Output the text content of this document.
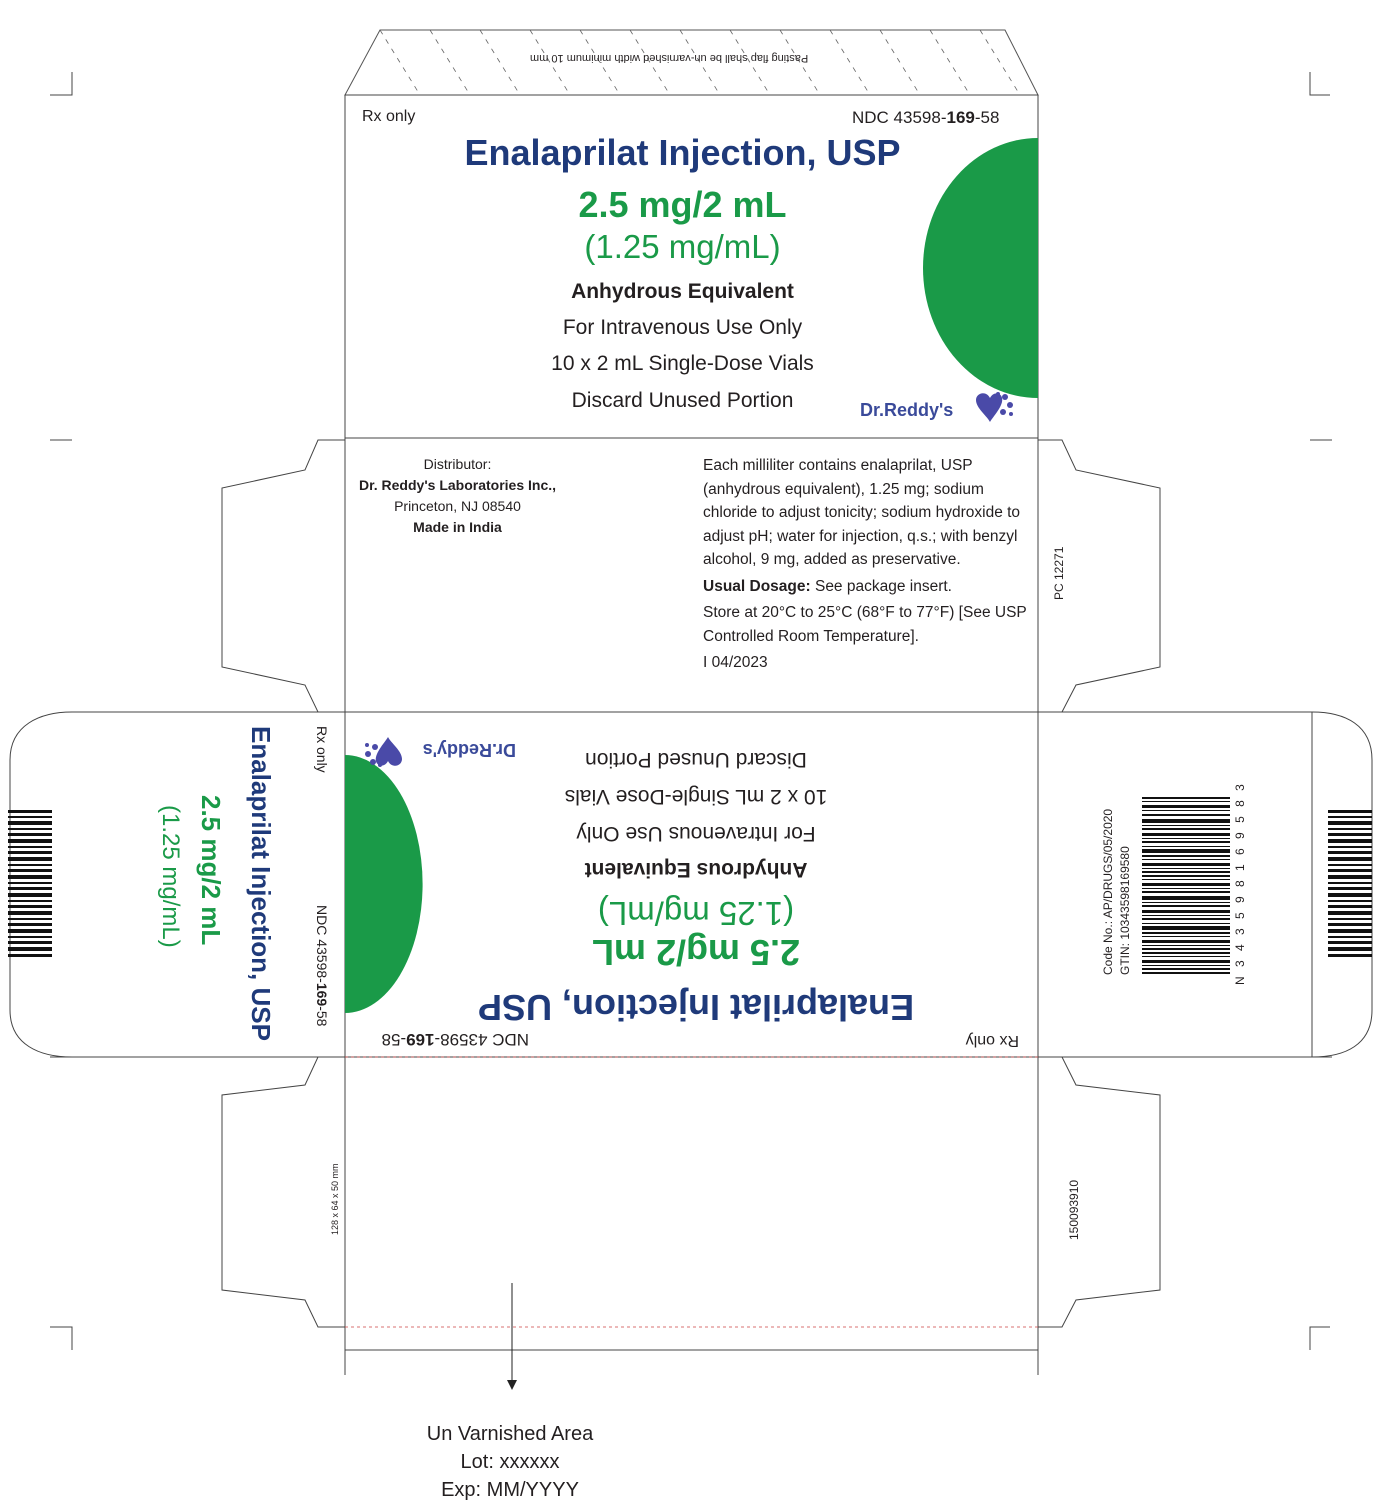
Pasting flap shall be un-varnished width minimum 10 mm
Rx only	NDC 43598-169-58
Enalaprilat Injection, USP
2.5 mg/2 mL
(1.25 mg/mL)
Anhydrous Equivalent
For Intravenous Use Only
10 x 2 mL Single-Dose Vials
Discard Unused Portion	Dr.Reddy's
Distributor:
Dr. Reddy's Laboratories Inc.,
Princeton, NJ 08540
Made in India

Each milliliter contains enalaprilat, USP (anhydrous equivalent), 1.25 mg; sodium chloride to adjust tonicity; sodium hydroxide to adjust pH; water for injection, q.s.; with benzyl alcohol, 9 mg, added as preservative.

Usual Dosage: See package insert.

Store at 20°C to 25°C (68°F to 77°F) [See USP Controlled Room Temperature].

I 04/2023

PC 12271
Rx only
NDC 43598-169-58
Enalaprilat Injection, USP
2.5 mg/2 mL
(1.25 mg/mL)
Anhydrous Equivalent
For Intravenous Use Only
10 x 2 mL Single-Dose Vials
Discard Unused Portion
Dr.Reddy's
Rx only
NDC 43598-169-58
Enalaprilat Injection, USP
2.5 mg/2 mL
(1.25 mg/mL)	Code No.: AP/DRUGS/05/2020 GTIN: 10343598169580	N 3 4 3 5 9 8 1 6 9 5 8 3
128 x 64 x 50 mm	150093910
Un Varnished Area
Lot: xxxxxx
Exp: MM/YYYY
